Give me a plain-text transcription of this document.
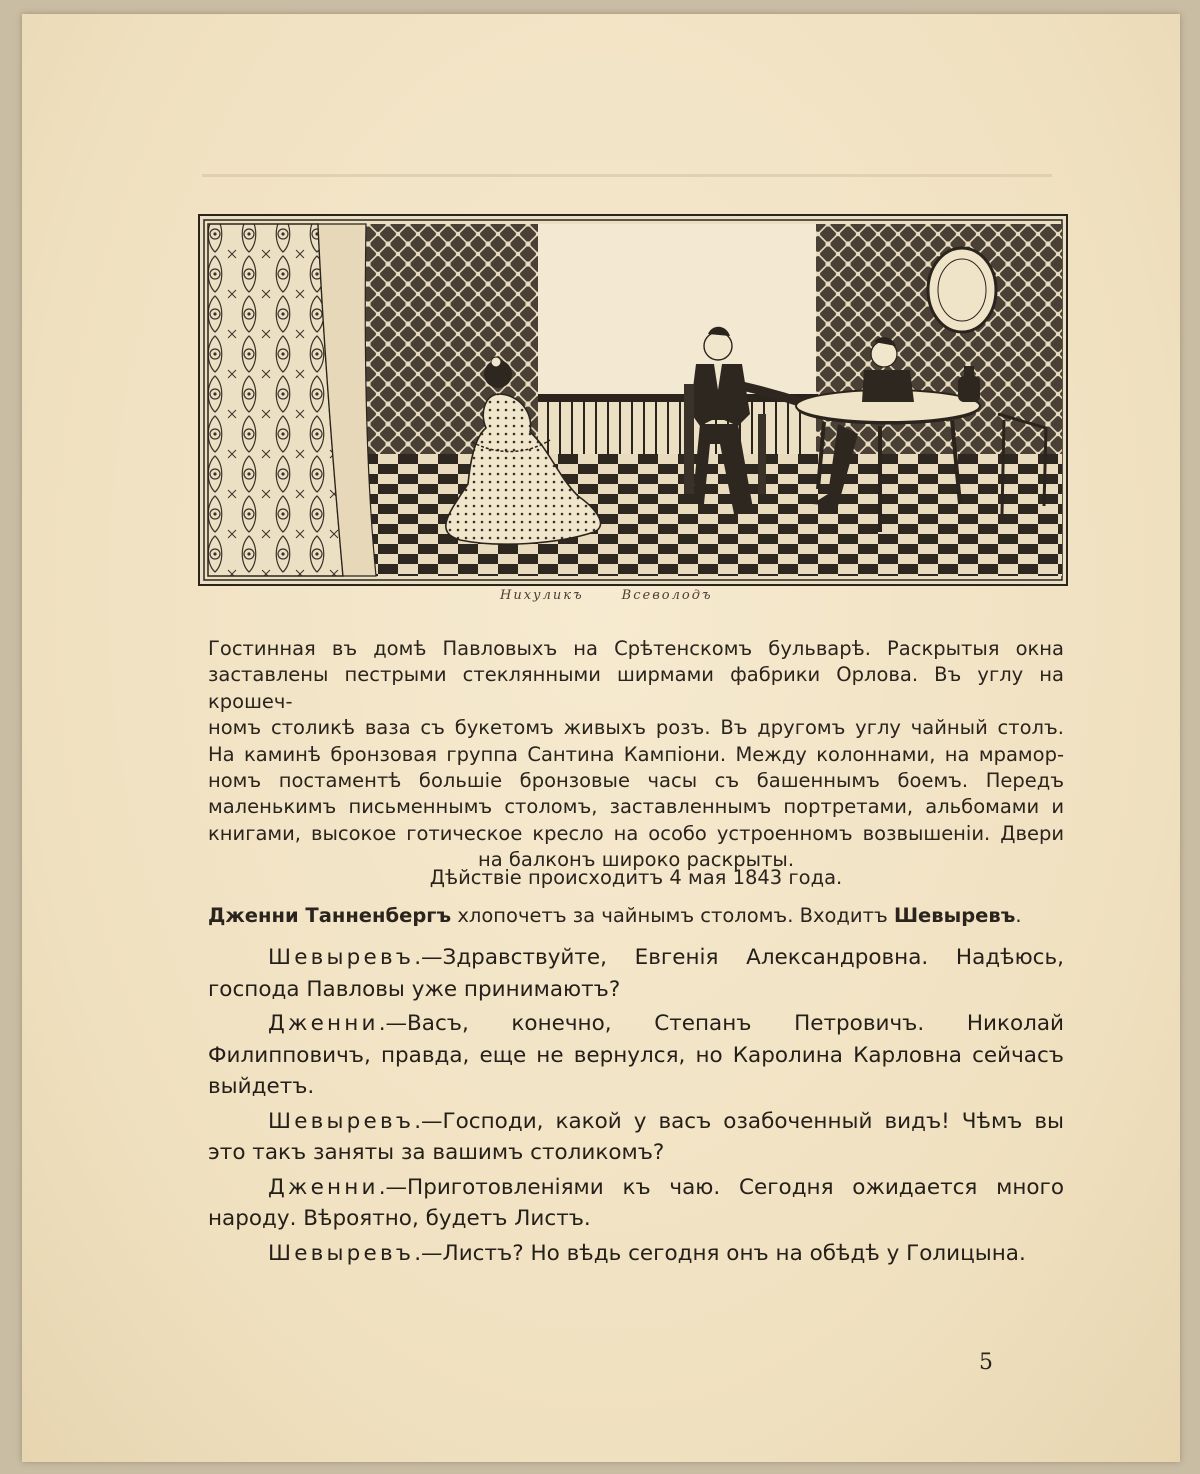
Нихуликъ	Всеволодъ
Гостинная въ домѣ Павловыхъ на Срѣтенскомъ бульварѣ. Раскрытыя окна
заставлены пестрыми стеклянными ширмами фабрики Орлова. Въ углу на крошеч-
номъ столикѣ ваза съ букетомъ живыхъ розъ. Въ другомъ углу чайный столъ.
На каминѣ бронзовая группа Сантина Кампіони. Между колоннами, на мрамор-
номъ постаментѣ большіе бронзовые часы съ башеннымъ боемъ. Передъ
маленькимъ письменнымъ столомъ, заставленнымъ портретами, альбомами и
книгами, высокое готическое кресло на особо устроенномъ возвышеніи. Двери
на балконъ широко раскрыты.
Дѣйствіе происходитъ 4 мая 1843 года.
Дженни Танненбергъ хлопочетъ за чайнымъ столомъ. Входитъ Шевыревъ.

Шевыревъ.—Здравствуйте, Евгенія Александровна. Надѣюсь, господа Павловы уже принимаютъ?

Дженни.—Васъ, конечно, Степанъ Петровичъ. Николай Филипповичъ, правда, еще не вернулся, но Каролина Карловна сейчасъ выйдетъ.

Шевыревъ.—Господи, какой у васъ озабоченный видъ! Чѣмъ вы это такъ заняты за вашимъ столикомъ?

Дженни.—Приготовленіями къ чаю. Сегодня ожидается много народу. Вѣроятно, будетъ Листъ.

Шевыревъ.—Листъ? Но вѣдь сегодня онъ на обѣдѣ у Голицына.

5
